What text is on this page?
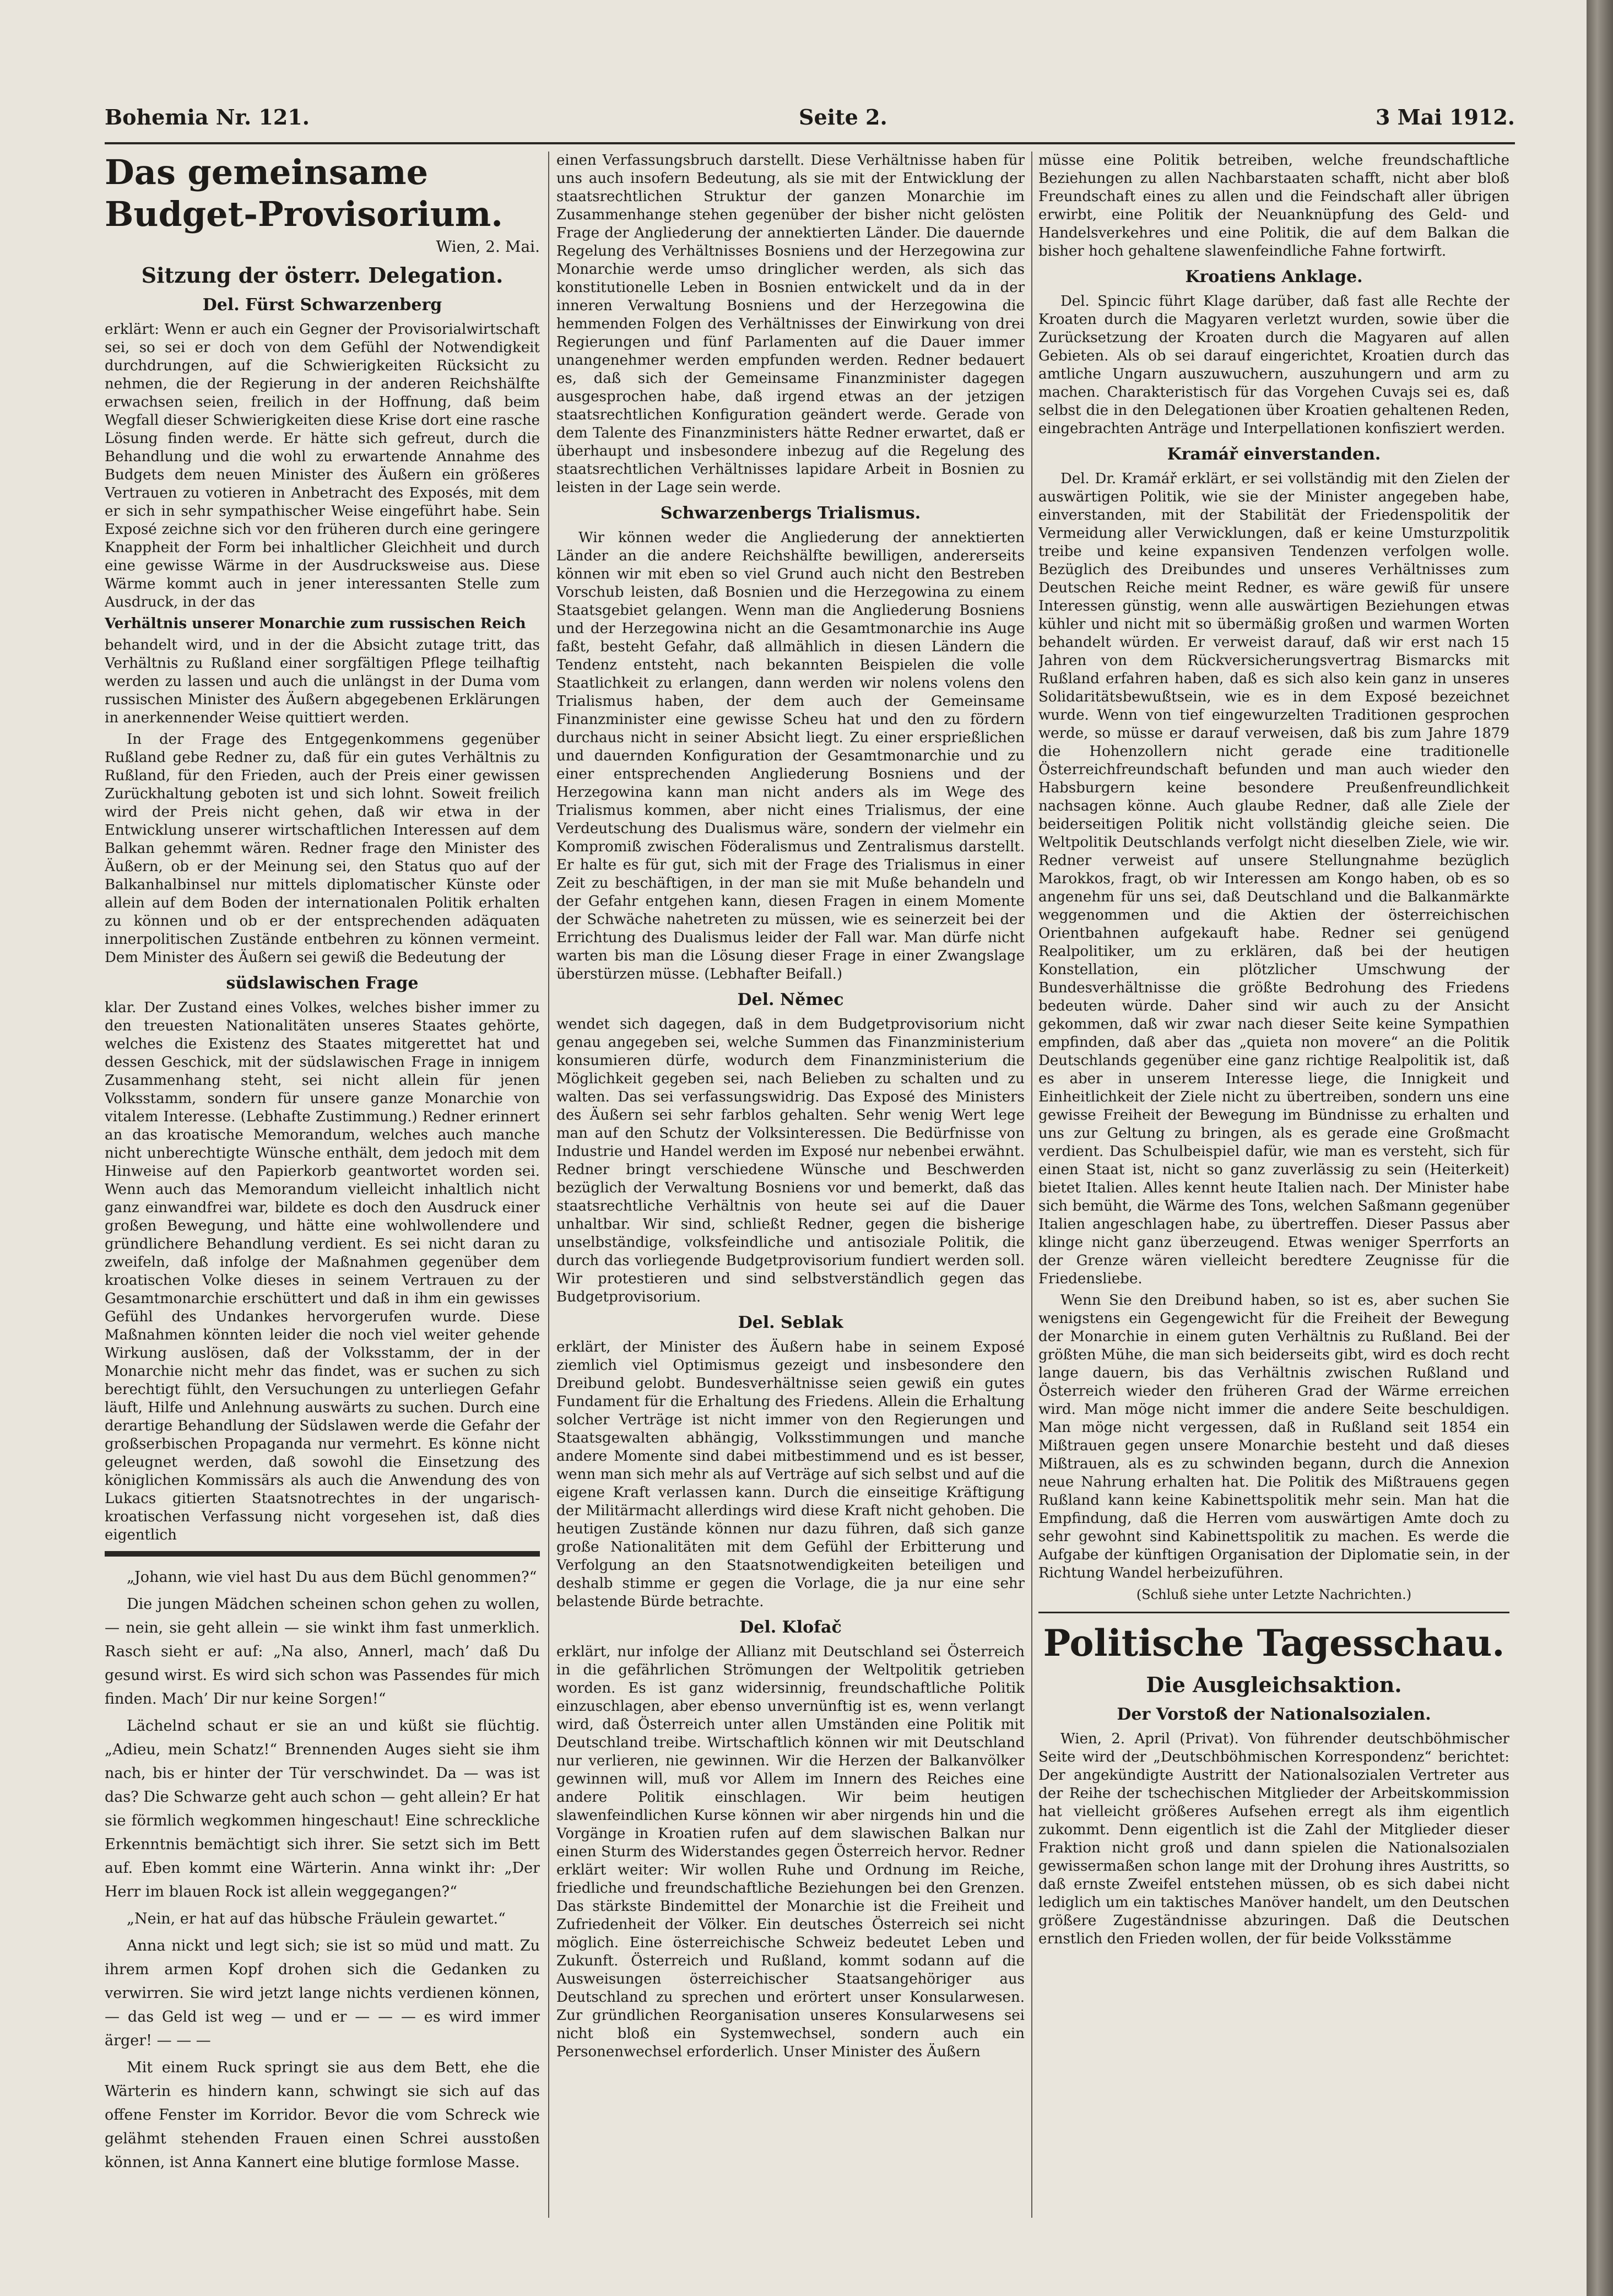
Bohemia Nr. 121.	Seite 2.	3 Mai 1912.
Das gemeinsame Budget-Provisorium.
Wien, 2. Mai.
Sitzung der österr. Delegation.
Del. Fürst Schwarzenberg

erklärt: Wenn er auch ein Gegner der Provisorialwirtschaft sei, so sei er doch von dem Gefühl der Notwendigkeit durchdrungen, auf die Schwierigkeiten Rücksicht zu nehmen, die der Regierung in der anderen Reichshälfte erwachsen seien, freilich in der Hoffnung, daß beim Wegfall dieser Schwierigkeiten diese Krise dort eine rasche Lösung finden werde. Er hätte sich gefreut, durch die Behandlung und die wohl zu erwartende Annahme des Budgets dem neuen Minister des Äußern ein größeres Vertrauen zu votieren in Anbetracht des Exposés, mit dem er sich in sehr sympathischer Weise eingeführt habe. Sein Exposé zeichne sich vor den früheren durch eine geringere Knappheit der Form bei inhaltlicher Gleichheit und durch eine gewisse Wärme in der Ausdrucksweise aus. Diese Wärme kommt auch in jener interessanten Stelle zum Ausdruck, in der das

Verhältnis unserer Monarchie zum russischen Reich

behandelt wird, und in der die Absicht zutage tritt, das Verhältnis zu Rußland einer sorgfältigen Pflege teilhaftig werden zu lassen und auch die unlängst in der Duma vom russischen Minister des Äußern abgegebenen Erklärungen in anerkennender Weise quittiert werden.

In der Frage des Entgegenkommens gegenüber Rußland gebe Redner zu, daß für ein gutes Verhältnis zu Rußland, für den Frieden, auch der Preis einer gewissen Zurückhaltung geboten ist und sich lohnt. Soweit freilich wird der Preis nicht gehen, daß wir etwa in der Entwicklung unserer wirtschaftlichen Interessen auf dem Balkan gehemmt wären. Redner frage den Minister des Äußern, ob er der Meinung sei, den Status quo auf der Balkanhalbinsel nur mittels diplomatischer Künste oder allein auf dem Boden der internationalen Politik erhalten zu können und ob er der entsprechenden adäquaten innerpolitischen Zustände entbehren zu können vermeint. Dem Minister des Äußern sei gewiß die Bedeutung der

südslawischen Frage

klar. Der Zustand eines Volkes, welches bisher immer zu den treuesten Nationalitäten unseres Staates gehörte, welches die Existenz des Staates mitgerettet hat und dessen Geschick, mit der südslawischen Frage in innigem Zusammenhang steht, sei nicht allein für jenen Volksstamm, sondern für unsere ganze Monarchie von vitalem Interesse. (Lebhafte Zustimmung.) Redner erinnert an das kroatische Memorandum, welches auch manche nicht unberechtigte Wünsche enthält, dem jedoch mit dem Hinweise auf den Papierkorb geantwortet worden sei. Wenn auch das Memorandum vielleicht inhaltlich nicht ganz einwandfrei war, bildete es doch den Ausdruck einer großen Bewegung, und hätte eine wohlwollendere und gründlichere Behandlung verdient. Es sei nicht daran zu zweifeln, daß infolge der Maßnahmen gegenüber dem kroatischen Volke dieses in seinem Vertrauen zu der Gesamtmonarchie erschüttert und daß in ihm ein gewisses Gefühl des Undankes hervorgerufen wurde. Diese Maßnahmen könnten leider die noch viel weiter gehende Wirkung auslösen, daß der Volksstamm, der in der Monarchie nicht mehr das findet, was er suchen zu sich berechtigt fühlt, den Versuchungen zu unterliegen Gefahr läuft, Hilfe und Anlehnung auswärts zu suchen. Durch eine derartige Behandlung der Südslawen werde die Gefahr der großserbischen Propaganda nur vermehrt. Es könne nicht geleugnet werden, daß sowohl die Einsetzung des königlichen Kommissärs als auch die Anwendung des von Lukacs gitierten Staatsnotrechtes in der ungarisch-kroatischen Verfassung nicht vorgesehen ist, daß dies eigentlich

„Johann, wie viel hast Du aus dem Büchl genommen?“

Die jungen Mädchen scheinen schon gehen zu wollen, — nein, sie geht allein — sie winkt ihm fast unmerklich. Rasch sieht er auf: „Na also, Annerl, mach’ daß Du gesund wirst. Es wird sich schon was Passendes für mich finden. Mach’ Dir nur keine Sorgen!“

Lächelnd schaut er sie an und küßt sie flüchtig. „Adieu, mein Schatz!“ Brennenden Auges sieht sie ihm nach, bis er hinter der Tür verschwindet. Da — was ist das? Die Schwarze geht auch schon — geht allein? Er hat sie förmlich wegkommen hingeschaut! Eine schreckliche Erkenntnis bemächtigt sich ihrer. Sie setzt sich im Bett auf. Eben kommt eine Wärterin. Anna winkt ihr: „Der Herr im blauen Rock ist allein weggegangen?“

„Nein, er hat auf das hübsche Fräulein gewartet.“

Anna nickt und legt sich; sie ist so müd und matt. Zu ihrem armen Kopf drohen sich die Gedanken zu verwirren. Sie wird jetzt lange nichts verdienen können, — das Geld ist weg — und er — — — es wird immer ärger! — — —

Mit einem Ruck springt sie aus dem Bett, ehe die Wärterin es hindern kann, schwingt sie sich auf das offene Fenster im Korridor. Bevor die vom Schreck wie gelähmt stehenden Frauen einen Schrei ausstoßen können, ist Anna Kannert eine blutige formlose Masse.

einen Verfassungsbruch darstellt. Diese Verhältnisse haben für uns auch insofern Bedeutung, als sie mit der Entwicklung der staatsrechtlichen Struktur der ganzen Monarchie im Zusammenhange stehen gegenüber der bisher nicht gelösten Frage der Angliederung der annektierten Länder. Die dauernde Regelung des Verhältnisses Bosniens und der Herzegowina zur Monarchie werde umso dringlicher werden, als sich das konstitutionelle Leben in Bosnien entwickelt und da in der inneren Verwaltung Bosniens und der Herzegowina die hemmenden Folgen des Verhältnisses der Einwirkung von drei Regierungen und fünf Parlamenten auf die Dauer immer unangenehmer werden empfunden werden. Redner bedauert es, daß sich der Gemeinsame Finanzminister dagegen ausgesprochen habe, daß irgend etwas an der jetzigen staatsrechtlichen Konfiguration geändert werde. Gerade von dem Talente des Finanzministers hätte Redner erwartet, daß er überhaupt und insbesondere inbezug auf die Regelung des staatsrechtlichen Verhältnisses lapidare Arbeit in Bosnien zu leisten in der Lage sein werde.

Schwarzenbergs Trialismus.

Wir können weder die Angliederung der annektierten Länder an die andere Reichshälfte bewilligen, andererseits können wir mit eben so viel Grund auch nicht den Bestreben Vorschub leisten, daß Bosnien und die Herzegowina zu einem Staatsgebiet gelangen. Wenn man die Angliederung Bosniens und der Herzegowina nicht an die Gesamtmonarchie ins Auge faßt, besteht Gefahr, daß allmählich in diesen Ländern die Tendenz entsteht, nach bekannten Beispielen die volle Staatlichkeit zu erlangen, dann werden wir nolens volens den Trialismus haben, der dem auch der Gemeinsame Finanzminister eine gewisse Scheu hat und den zu fördern durchaus nicht in seiner Absicht liegt. Zu einer ersprießlichen und dauernden Konfiguration der Gesamtmonarchie und zu einer entsprechenden Angliederung Bosniens und der Herzegowina kann man nicht anders als im Wege des Trialismus kommen, aber nicht eines Trialismus, der eine Verdeutschung des Dualismus wäre, sondern der vielmehr ein Kompromiß zwischen Föderalismus und Zentralismus darstellt. Er halte es für gut, sich mit der Frage des Trialismus in einer Zeit zu beschäftigen, in der man sie mit Muße behandeln und der Gefahr entgehen kann, diesen Fragen in einem Momente der Schwäche nahetreten zu müssen, wie es seinerzeit bei der Errichtung des Dualismus leider der Fall war. Man dürfe nicht warten bis man die Lösung dieser Frage in einer Zwangslage überstürzen müsse. (Lebhafter Beifall.)

Del. Němec

wendet sich dagegen, daß in dem Budgetprovisorium nicht genau angegeben sei, welche Summen das Finanzministerium konsumieren dürfe, wodurch dem Finanzministerium die Möglichkeit gegeben sei, nach Belieben zu schalten und zu walten. Das sei verfassungswidrig. Das Exposé des Ministers des Äußern sei sehr farblos gehalten. Sehr wenig Wert lege man auf den Schutz der Volksinteressen. Die Bedürfnisse von Industrie und Handel werden im Exposé nur nebenbei erwähnt. Redner bringt verschiedene Wünsche und Beschwerden bezüglich der Verwaltung Bosniens vor und bemerkt, daß das staatsrechtliche Verhältnis von heute sei auf die Dauer unhaltbar. Wir sind, schließt Redner, gegen die bisherige unselbständige, volksfeindliche und antisoziale Politik, die durch das vorliegende Budgetprovisorium fundiert werden soll. Wir protestieren und sind selbstverständlich gegen das Budgetprovisorium.

Del. Seblak

erklärt, der Minister des Äußern habe in seinem Exposé ziemlich viel Optimismus gezeigt und insbesondere den Dreibund gelobt. Bundesverhältnisse seien gewiß ein gutes Fundament für die Erhaltung des Friedens. Allein die Erhaltung solcher Verträge ist nicht immer von den Regierungen und Staatsgewalten abhängig, Volksstimmungen und manche andere Momente sind dabei mitbestimmend und es ist besser, wenn man sich mehr als auf Verträge auf sich selbst und auf die eigene Kraft verlassen kann. Durch die einseitige Kräftigung der Militärmacht allerdings wird diese Kraft nicht gehoben. Die heutigen Zustände können nur dazu führen, daß sich ganze große Nationalitäten mit dem Gefühl der Erbitterung und Verfolgung an den Staatsnotwendigkeiten beteiligen und deshalb stimme er gegen die Vorlage, die ja nur eine sehr belastende Bürde betrachte.

Del. Klofač

erklärt, nur infolge der Allianz mit Deutschland sei Österreich in die gefährlichen Strömungen der Weltpolitik getrieben worden. Es ist ganz widersinnig, freundschaftliche Politik einzuschlagen, aber ebenso unvernünftig ist es, wenn verlangt wird, daß Österreich unter allen Umständen eine Politik mit Deutschland treibe. Wirtschaftlich können wir mit Deutschland nur verlieren, nie gewinnen. Wir die Herzen der Balkanvölker gewinnen will, muß vor Allem im Innern des Reiches eine andere Politik einschlagen. Wir beim heutigen slawenfeindlichen Kurse können wir aber nirgends hin und die Vorgänge in Kroatien rufen auf dem slawischen Balkan nur einen Sturm des Widerstandes gegen Österreich hervor. Redner erklärt weiter: Wir wollen Ruhe und Ordnung im Reiche, friedliche und freundschaftliche Beziehungen bei den Grenzen. Das stärkste Bindemittel der Monarchie ist die Freiheit und Zufriedenheit der Völker. Ein deutsches Österreich sei nicht möglich. Eine österreichische Schweiz bedeutet Leben und Zukunft. Österreich und Rußland, kommt sodann auf die Ausweisungen österreichischer Staatsangehöriger aus Deutschland zu sprechen und erörtert unser Konsularwesen. Zur gründlichen Reorganisation unseres Konsularwesens sei nicht bloß ein Systemwechsel, sondern auch ein Personenwechsel erforderlich. Unser Minister des Äußern

müsse eine Politik betreiben, welche freundschaftliche Beziehungen zu allen Nachbarstaaten schafft, nicht aber bloß Freundschaft eines zu allen und die Feindschaft aller übrigen erwirbt, eine Politik der Neuanknüpfung des Geld- und Handelsverkehres und eine Politik, die auf dem Balkan die bisher hoch gehaltene slawenfeindliche Fahne fortwirft.

Kroatiens Anklage.

Del. Spincic führt Klage darüber, daß fast alle Rechte der Kroaten durch die Magyaren verletzt wurden, sowie über die Zurücksetzung der Kroaten durch die Magyaren auf allen Gebieten. Als ob sei darauf eingerichtet, Kroatien durch das amtliche Ungarn auszuwuchern, auszuhungern und arm zu machen. Charakteristisch für das Vorgehen Cuvajs sei es, daß selbst die in den Delegationen über Kroatien gehaltenen Reden, eingebrachten Anträge und Interpellationen konfisziert werden.

Kramář einverstanden.

Del. Dr. Kramář erklärt, er sei vollständig mit den Zielen der auswärtigen Politik, wie sie der Minister angegeben habe, einverstanden, mit der Stabilität der Friedenspolitik der Vermeidung aller Verwicklungen, daß er keine Umsturzpolitik treibe und keine expansiven Tendenzen verfolgen wolle. Bezüglich des Dreibundes und unseres Verhältnisses zum Deutschen Reiche meint Redner, es wäre gewiß für unsere Interessen günstig, wenn alle auswärtigen Beziehungen etwas kühler und nicht mit so übermäßig großen und warmen Worten behandelt würden. Er verweist darauf, daß wir erst nach 15 Jahren von dem Rückversicherungsvertrag Bismarcks mit Rußland erfahren haben, daß es sich also kein ganz in unseres Solidaritätsbewußtsein, wie es in dem Exposé bezeichnet wurde. Wenn von tief eingewurzelten Traditionen gesprochen werde, so müsse er darauf verweisen, daß bis zum Jahre 1879 die Hohenzollern nicht gerade eine traditionelle Österreichfreundschaft befunden und man auch wieder den Habsburgern keine besondere Preußenfreundlichkeit nachsagen könne. Auch glaube Redner, daß alle Ziele der beiderseitigen Politik nicht vollständig gleiche seien. Die Weltpolitik Deutschlands verfolgt nicht dieselben Ziele, wie wir. Redner verweist auf unsere Stellungnahme bezüglich Marokkos, fragt, ob wir Interessen am Kongo haben, ob es so angenehm für uns sei, daß Deutschland und die Balkanmärkte weggenommen und die Aktien der österreichischen Orientbahnen aufgekauft habe. Redner sei genügend Realpolitiker, um zu erklären, daß bei der heutigen Konstellation, ein plötzlicher Umschwung der Bundesverhältnisse die größte Bedrohung des Friedens bedeuten würde. Daher sind wir auch zu der Ansicht gekommen, daß wir zwar nach dieser Seite keine Sympathien empfinden, daß aber das „quieta non movere“ an die Politik Deutschlands gegenüber eine ganz richtige Realpolitik ist, daß es aber in unserem Interesse liege, die Innigkeit und Einheitlichkeit der Ziele nicht zu übertreiben, sondern uns eine gewisse Freiheit der Bewegung im Bündnisse zu erhalten und uns zur Geltung zu bringen, als es gerade eine Großmacht verdient. Das Schulbeispiel dafür, wie man es versteht, sich für einen Staat ist, nicht so ganz zuverlässig zu sein (Heiterkeit) bietet Italien. Alles kennt heute Italien nach. Der Minister habe sich bemüht, die Wärme des Tons, welchen Saßmann gegenüber Italien angeschlagen habe, zu übertreffen. Dieser Passus aber klinge nicht ganz überzeugend. Etwas weniger Sperrforts an der Grenze wären vielleicht beredtere Zeugnisse für die Friedensliebe.

Wenn Sie den Dreibund haben, so ist es, aber suchen Sie wenigstens ein Gegengewicht für die Freiheit der Bewegung der Monarchie in einem guten Verhältnis zu Rußland. Bei der größten Mühe, die man sich beiderseits gibt, wird es doch recht lange dauern, bis das Verhältnis zwischen Rußland und Österreich wieder den früheren Grad der Wärme erreichen wird. Man möge nicht immer die andere Seite beschuldigen. Man möge nicht vergessen, daß in Rußland seit 1854 ein Mißtrauen gegen unsere Monarchie besteht und daß dieses Mißtrauen, als es zu schwinden begann, durch die Annexion neue Nahrung erhalten hat. Die Politik des Mißtrauens gegen Rußland kann keine Kabinettspolitik mehr sein. Man hat die Empfindung, daß die Herren vom auswärtigen Amte doch zu sehr gewohnt sind Kabinettspolitik zu machen. Es werde die Aufgabe der künftigen Organisation der Diplomatie sein, in der Richtung Wandel herbeizuführen.

(Schluß siehe unter Letzte Nachrichten.)
Politische Tagesschau.
Die Ausgleichsaktion.
Der Vorstoß der Nationalsozialen.

Wien, 2. April (Privat). Von führender deutschböhmischer Seite wird der „Deutschböhmischen Korrespondenz“ berichtet: Der angekündigte Austritt der Nationalsozialen Vertreter aus der Reihe der tschechischen Mitglieder der Arbeitskommission hat vielleicht größeres Aufsehen erregt als ihm eigentlich zukommt. Denn eigentlich ist die Zahl der Mitglieder dieser Fraktion nicht groß und dann spielen die Nationalsozialen gewissermaßen schon lange mit der Drohung ihres Austritts, so daß ernste Zweifel entstehen müssen, ob es sich dabei nicht lediglich um ein taktisches Manöver handelt, um den Deutschen größere Zugeständnisse abzuringen. Daß die Deutschen ernstlich den Frieden wollen, der für beide Volksstämme
